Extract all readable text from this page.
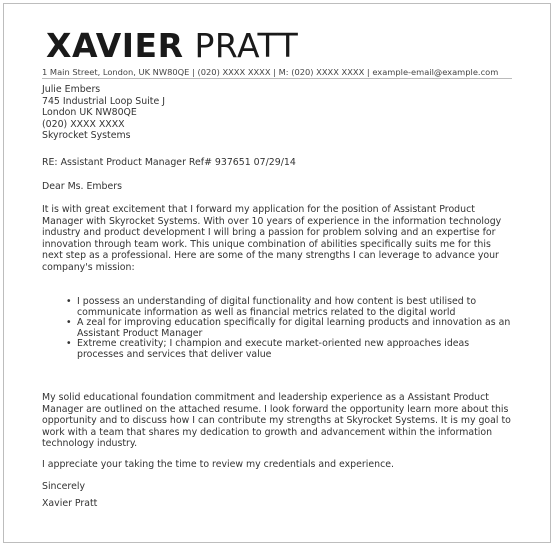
XAVIER PRATT
1 Main Street, London, UK NW80QE | (020) XXXX XXXX | M: (020) XXXX XXXX | example-email@example.com
Julie Embers
745 Industrial Loop Suite J
London UK NW80QE
(020) XXXX XXXX
Skyrocket Systems
RE: Assistant Product Manager Ref# 937651 07/29/14
Dear Ms. Embers
It is with great excitement that I forward my application for the position of Assistant Product Manager with Skyrocket Systems. With over 10 years of experience in the information technology industry and product development I will bring a passion for problem solving and an expertise for innovation through team work. This unique combination of abilities specifically suits me for this next step as a professional. Here are some of the many strengths I can leverage to advance your company's mission:
• I possess an understanding of digital functionality and how content is best utilised to communicate information as well as financial metrics related to the digital world
• A zeal for improving education specifically for digital learning products and innovation as an Assistant Product Manager
• Extreme creativity; I champion and execute market-oriented new approaches ideas processes and services that deliver value
My solid educational foundation commitment and leadership experience as a Assistant Product Manager are outlined on the attached resume. I look forward the opportunity learn more about this opportunity and to discuss how I can contribute my strengths at Skyrocket Systems. It is my goal to work with a team that shares my dedication to growth and advancement within the information technology industry.
I appreciate your taking the time to review my credentials and experience.
Sincerely
Xavier Pratt
